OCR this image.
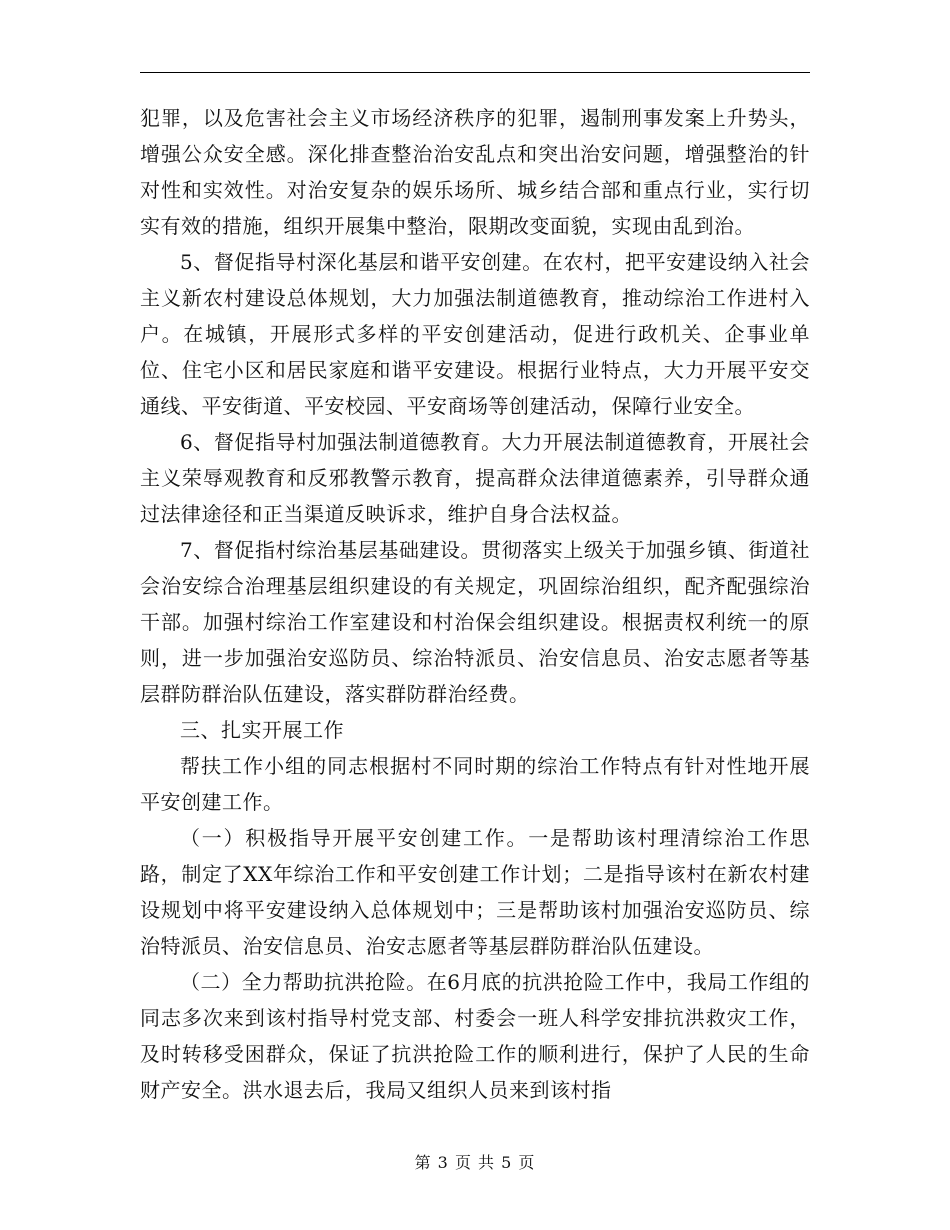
犯罪，以及危害社会主义市场经济秩序的犯罪，遏制刑事发案上升势头，增强公众安全感。深化排查整治治安乱点和突出治安问题，增强整治的针对性和实效性。对治安复杂的娱乐场所、城乡结合部和重点行业，实行切实有效的措施，组织开展集中整治，限期改变面貌，实现由乱到治。

5、督促指导村深化基层和谐平安创建。在农村，把平安建设纳入社会主义新农村建设总体规划，大力加强法制道德教育，推动综治工作进村入户。在城镇，开展形式多样的平安创建活动，促进行政机关、企事业单位、住宅小区和居民家庭和谐平安建设。根据行业特点，大力开展平安交通线、平安街道、平安校园、平安商场等创建活动，保障行业安全。

6、督促指导村加强法制道德教育。大力开展法制道德教育，开展社会主义荣辱观教育和反邪教警示教育，提高群众法律道德素养，引导群众通过法律途径和正当渠道反映诉求，维护自身合法权益。

7、督促指村综治基层基础建设。贯彻落实上级关于加强乡镇、街道社会治安综合治理基层组织建设的有关规定，巩固综治组织，配齐配强综治干部。加强村综治工作室建设和村治保会组织建设。根据责权利统一的原则，进一步加强治安巡防员、综治特派员、治安信息员、治安志愿者等基层群防群治队伍建设，落实群防群治经费。

三、扎实开展工作

帮扶工作小组的同志根据村不同时期的综治工作特点有针对性地开展平安创建工作。

（一）积极指导开展平安创建工作。一是帮助该村理清综治工作思路，制定了XX年综治工作和平安创建工作计划；二是指导该村在新农村建设规划中将平安建设纳入总体规划中；三是帮助该村加强治安巡防员、综治特派员、治安信息员、治安志愿者等基层群防群治队伍建设。

（二）全力帮助抗洪抢险。在6月底的抗洪抢险工作中，我局工作组的同志多次来到该村指导村党支部、村委会一班人科学安排抗洪救灾工作，及时转移受困群众，保证了抗洪抢险工作的顺利进行，保护了人民的生命财产安全。洪水退去后，我局又组织人员来到该村指

第 3 页 共 5 页
